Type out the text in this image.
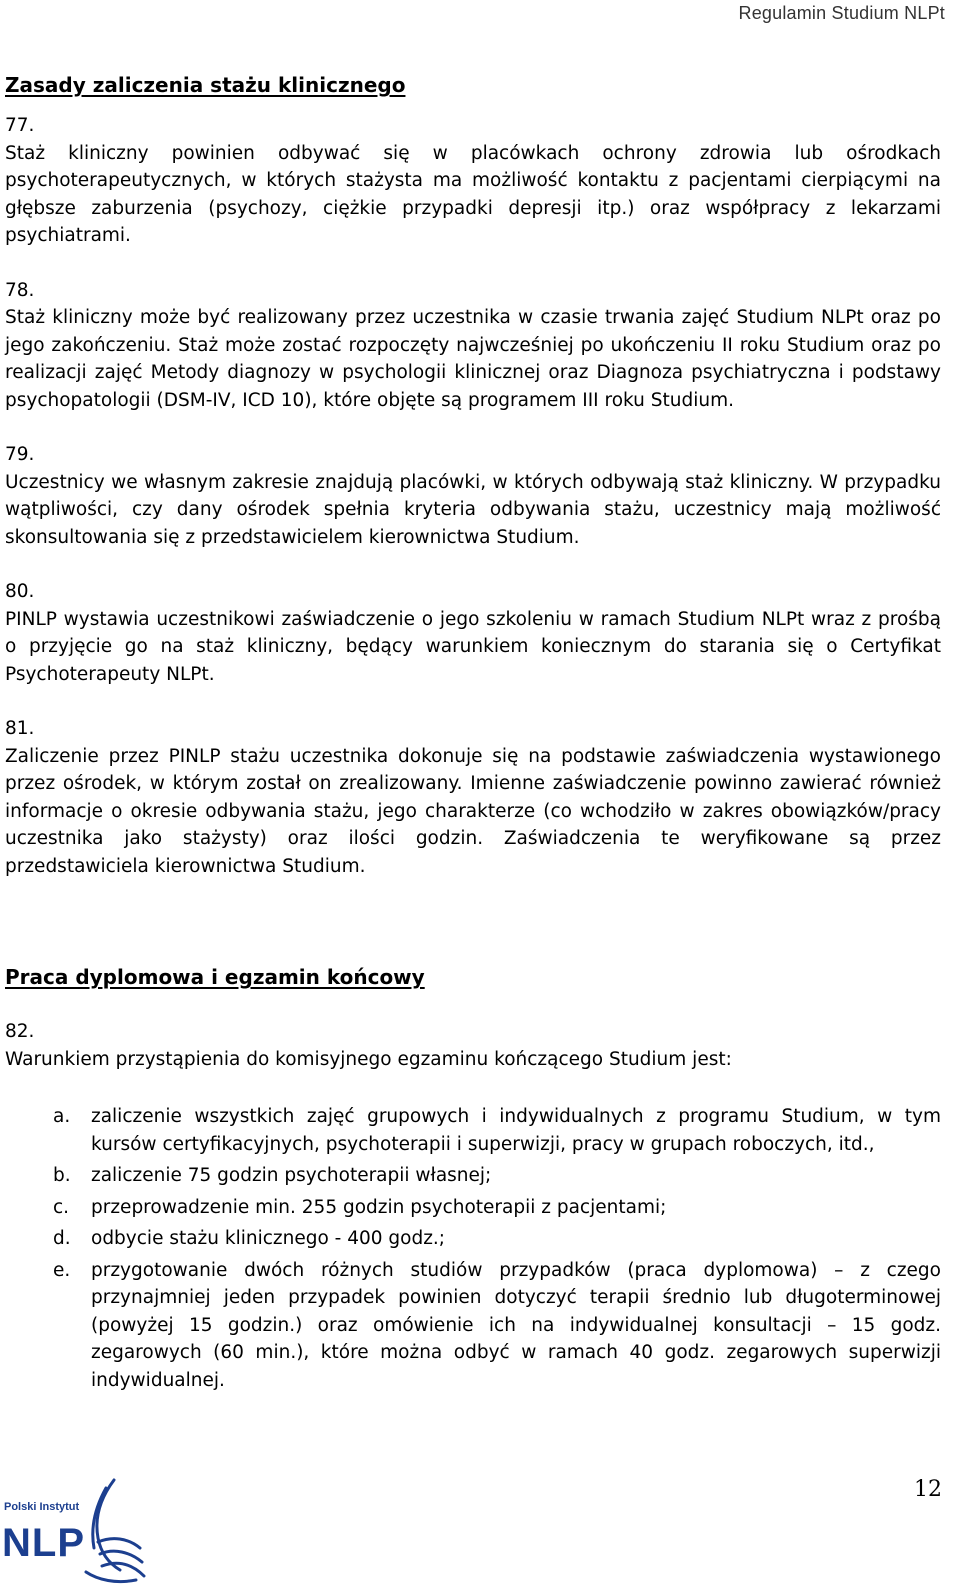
Regulamin Studium NLPt
Zasady zaliczenia stażu klinicznego

77.

Staż kliniczny powinien odbywać się w placówkach ochrony zdrowia lub ośrodkach psychoterapeutycznych, w których stażysta ma możliwość kontaktu z pacjentami cierpiącymi na głębsze zaburzenia (psychozy, ciężkie przypadki depresji itp.) oraz współpracy z lekarzami psychiatrami.

78.

Staż kliniczny może być realizowany przez uczestnika w czasie trwania zajęć Studium NLPt oraz po jego zakończeniu. Staż może zostać rozpoczęty najwcześniej po ukończeniu II roku Studium oraz po realizacji zajęć Metody diagnozy w psychologii klinicznej oraz Diagnoza psychiatryczna i podstawy psychopatologii (DSM-IV, ICD 10), które objęte są programem III roku Studium.

79.

Uczestnicy we własnym zakresie znajdują placówki, w których odbywają staż kliniczny. W przypadku wątpliwości, czy dany ośrodek spełnia kryteria odbywania stażu, uczestnicy mają możliwość skonsultowania się z przedstawicielem kierownictwa Studium.

80.

PINLP wystawia uczestnikowi zaświadczenie o jego szkoleniu w ramach Studium NLPt wraz z prośbą o przyjęcie go na staż kliniczny, będący warunkiem koniecznym do starania się o Certyfikat Psychoterapeuty NLPt.

81.

Zaliczenie przez PINLP stażu uczestnika dokonuje się na podstawie zaświadczenia wystawionego przez ośrodek, w którym został on zrealizowany. Imienne zaświadczenie powinno zawierać również informacje o okresie odbywania stażu, jego charakterze (co wchodziło w zakres obowiązków/pracy uczestnika jako stażysty) oraz ilości godzin. Zaświadczenia te weryfikowane są przez przedstawiciela kierownictwa Studium.

Praca dyplomowa i egzamin końcowy

82.

Warunkiem przystąpienia do komisyjnego egzaminu kończącego Studium jest:

a. zaliczenie wszystkich zajęć grupowych i indywidualnych z programu Studium, w tym kursów certyfikacyjnych, psychoterapii i superwizji, pracy w grupach roboczych, itd.,
b. zaliczenie 75 godzin psychoterapii własnej;
c. przeprowadzenie min. 255 godzin psychoterapii z pacjentami;
d. odbycie stażu klinicznego - 400 godz.;
e. przygotowanie dwóch różnych studiów przypadków (praca dyplomowa) – z czego przynajmniej jeden przypadek powinien dotyczyć terapii średnio lub długoterminowej (powyżej 15 godzin.) oraz omówienie ich na indywidualnej konsultacji – 15 godz. zegarowych (60 min.), które można odbyć w ramach 40 godz. zegarowych superwizji indywidualnej.
Polski Instytut
NLP
12
